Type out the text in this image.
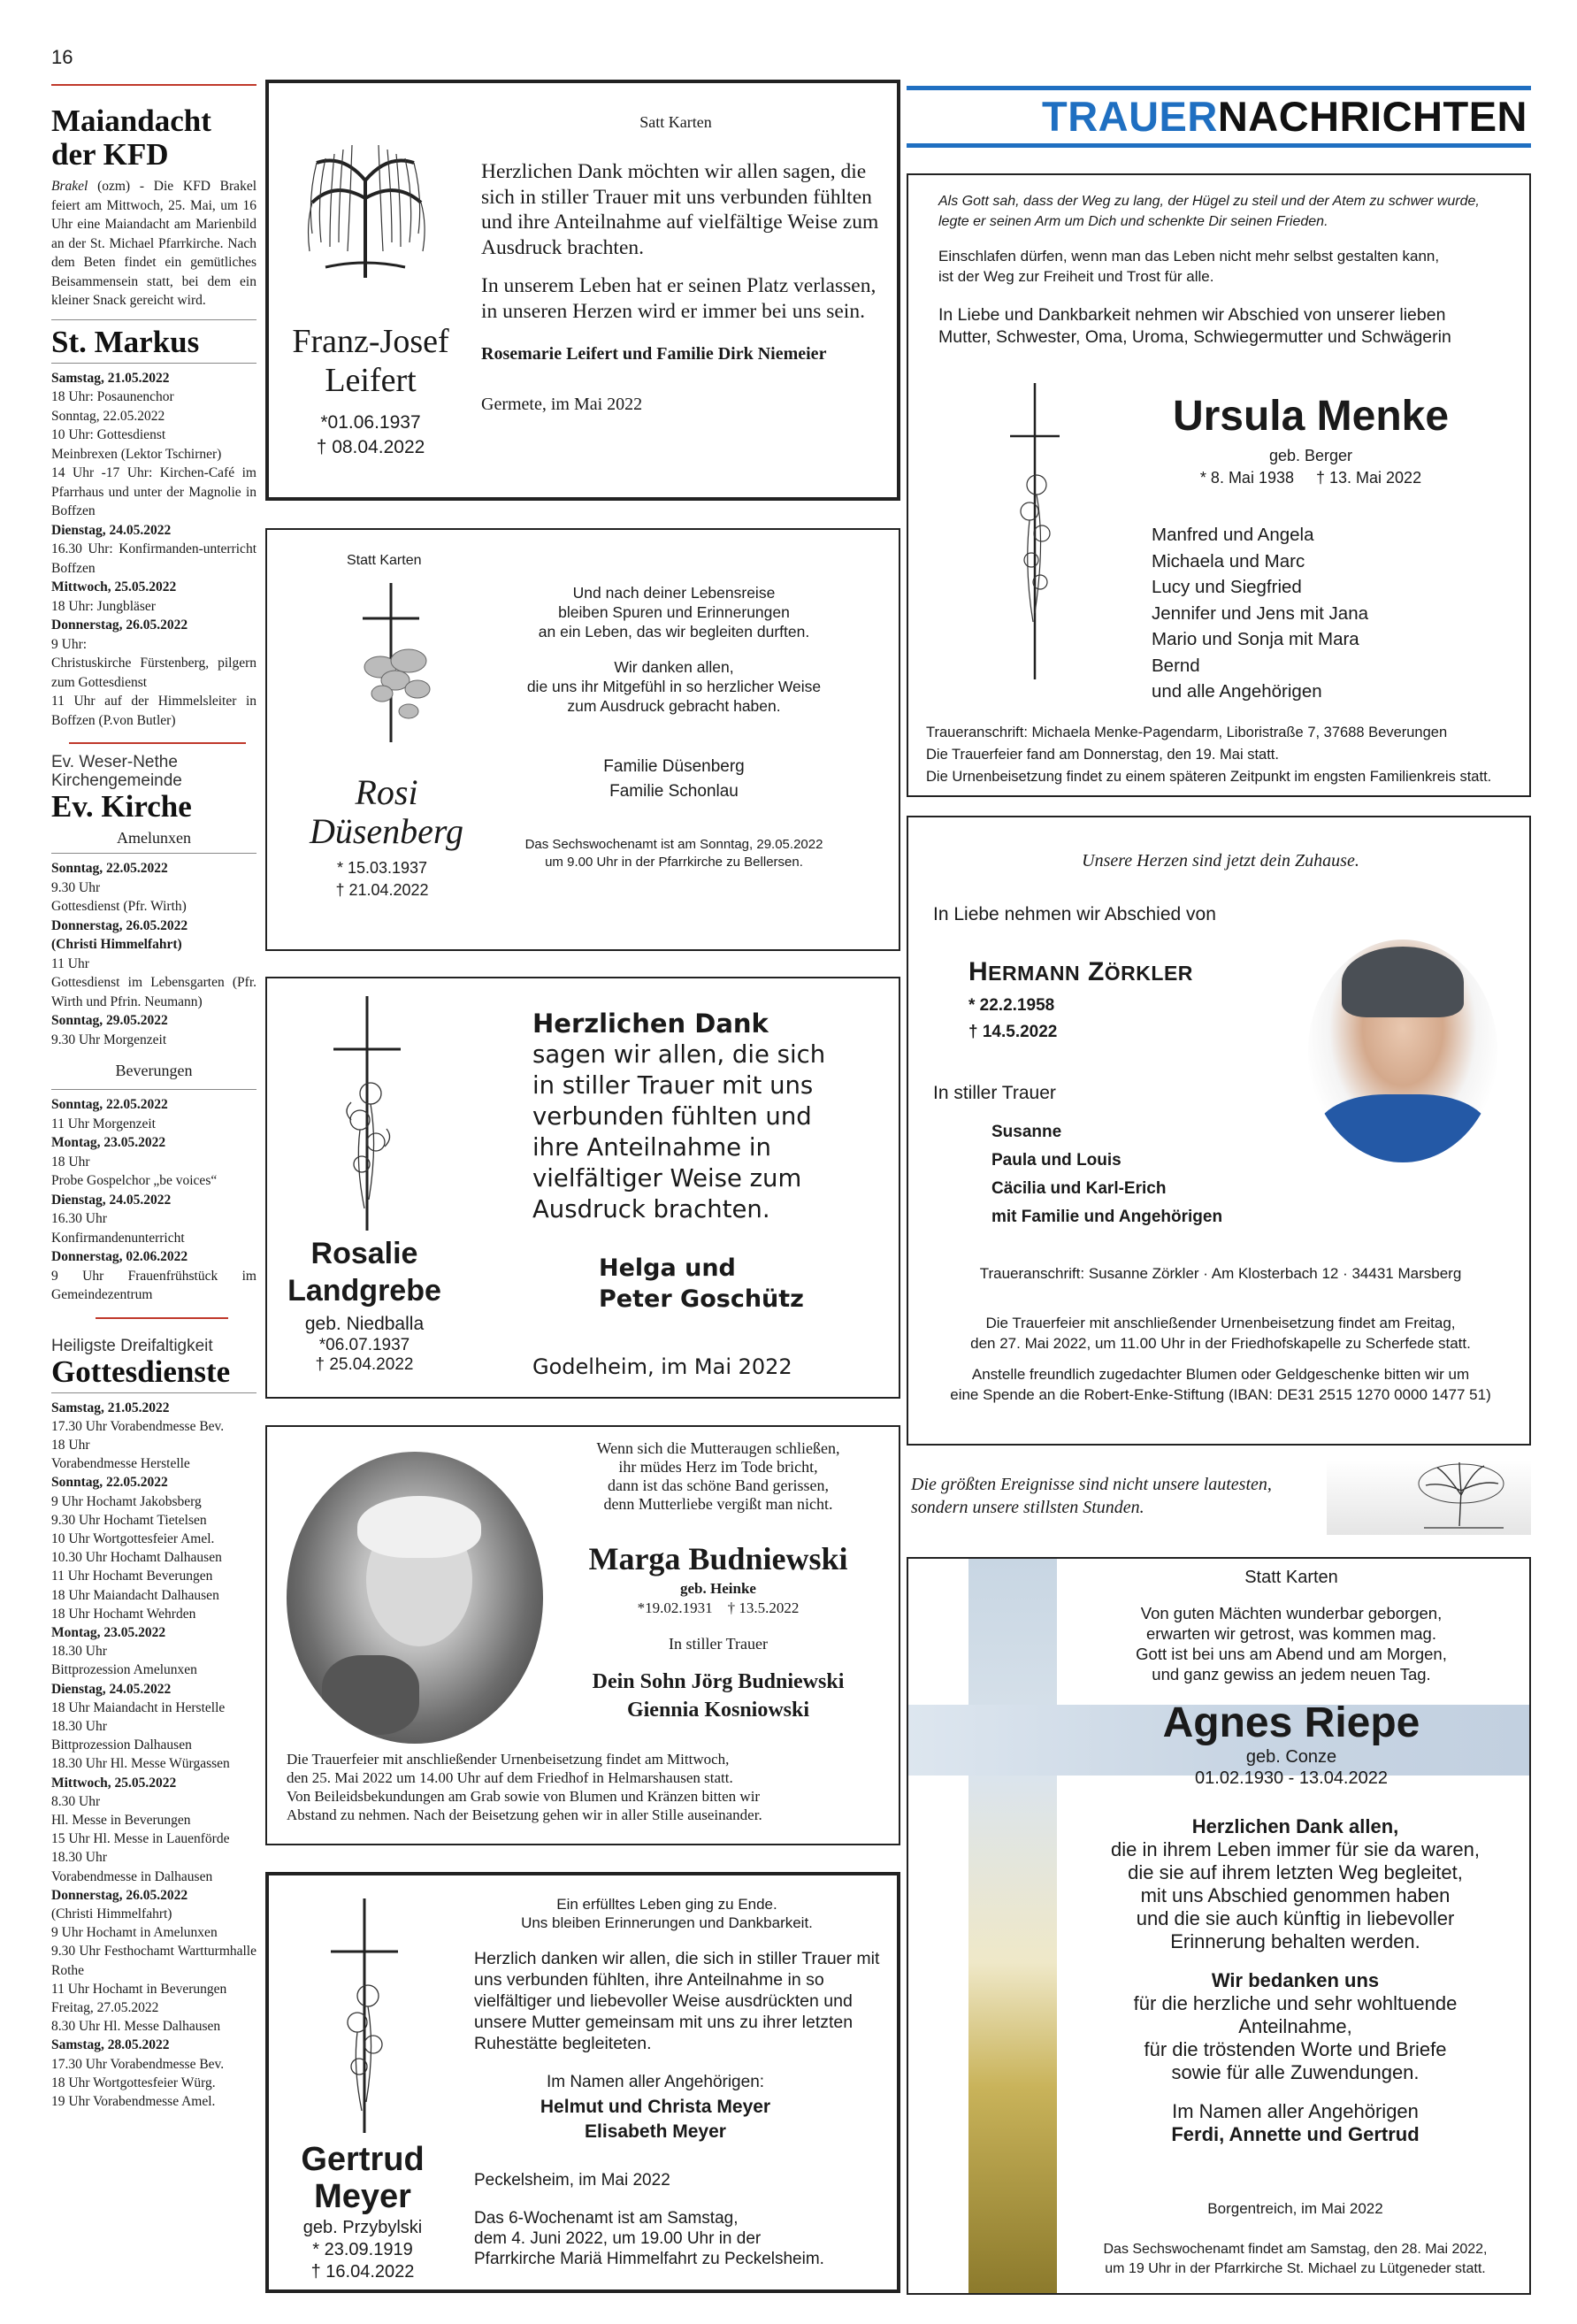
16
Maiandacht der KFD
Brakel (ozm) - Die KFD Brakel feiert am Mittwoch, 25. Mai, um 16 Uhr eine Maiandacht am Marienbild an der St. Michael Pfarrkirche. Nach dem Beten findet ein gemütliches Beisammensein statt, bei dem ein kleiner Snack gereicht wird.
St. Markus
Samstag, 21.05.2022
18 Uhr: Posaunenchor
Sonntag, 22.05.2022
10 Uhr: Gottesdienst
Meinbrexen (Lektor Tschirner)
14 Uhr -17 Uhr: Kirchen-Café im Pfarrhaus und unter der Magnolie in Boffzen
Dienstag, 24.05.2022
16.30 Uhr: Konfirmanden-unterricht Boffzen
Mittwoch, 25.05.2022
18 Uhr: Jungbläser
Donnerstag, 26.05.2022
9 Uhr:
Christuskirche Fürstenberg, pilgern zum Gottesdienst
11 Uhr auf der Himmelsleiter in Boffzen (P.von Butler)
Ev. Weser-Nethe Kirchengemeinde
Ev. Kirche
Amelunxen
Sonntag, 22.05.2022
9.30 Uhr
Gottesdienst (Pfr. Wirth)
Donnerstag, 26.05.2022
(Christi Himmelfahrt)
11 Uhr
Gottesdienst im Lebensgarten (Pfr. Wirth und Pfrin. Neumann)
Sonntag, 29.05.2022
9.30 Uhr Morgenzeit
Beverungen
Sonntag, 22.05.2022
11 Uhr Morgenzeit
Montag, 23.05.2022
18 Uhr
Probe Gospelchor „be voices“
Dienstag, 24.05.2022
16.30 Uhr
Konfirmandenunterricht
Donnerstag, 02.06.2022
9 Uhr Frauenfrühstück im Gemeindezentrum
Heiligste Dreifaltigkeit
Gottesdienste
Samstag, 21.05.2022
17.30 Uhr Vorabendmesse Bev.
18 Uhr
Vorabendmesse Herstelle
Sonntag, 22.05.2022
9 Uhr Hochamt Jakobsberg
9.30 Uhr Hochamt Tietelsen
10 Uhr Wortgottesfeier Amel.
10.30 Uhr Hochamt Dalhausen
11 Uhr Hochamt Beverungen
18 Uhr Maiandacht Dalhausen
18 Uhr Hochamt Wehrden
Montag, 23.05.2022
18.30 Uhr
Bittprozession Amelunxen
Dienstag, 24.05.2022
18 Uhr Maiandacht in Herstelle
18.30 Uhr
Bittprozession Dalhausen
18.30 Uhr Hl. Messe Würgassen
Mittwoch, 25.05.2022
8.30 Uhr
Hl. Messe in Beverungen
15 Uhr Hl. Messe in Lauenförde
18.30 Uhr
Vorabendmesse in Dalhausen
Donnerstag, 26.05.2022
(Christi Himmelfahrt)
9 Uhr Hochamt in Amelunxen
9.30 Uhr Festhochamt Wartturmhalle Rothe
11 Uhr Hochamt in Beverungen
Freitag, 27.05.2022
8.30 Uhr Hl. Messe Dalhausen
Samstag, 28.05.2022
17.30 Uhr Vorabendmesse Bev.
18 Uhr Wortgottesfeier Würg.
19 Uhr Vorabendmesse Amel.
TRAUERNACHRICHTEN
Franz-Josef
Leifert
*01.06.1937
† 08.04.2022
Satt Karten
Herzlichen Dank möchten wir allen sagen, die sich in stiller Trauer mit uns verbunden fühlten und ihre Anteilnahme auf vielfältige Weise zum Ausdruck brachten.
In unserem Leben hat er seinen Platz verlassen, in unseren Herzen wird er immer bei uns sein.
Rosemarie Leifert und Familie Dirk Niemeier
Germete, im Mai 2022
Statt Karten
Rosi
Düsenberg
* 15.03.1937
† 21.04.2022
Und nach deiner Lebensreise
bleiben Spuren und Erinnerungen
an ein Leben, das wir begleiten durften.
Wir danken allen,
die uns ihr Mitgefühl in so herzlicher Weise
zum Ausdruck gebracht haben.
Familie Düsenberg
Familie Schonlau
Das Sechswochenamt ist am Sonntag, 29.05.2022
um 9.00 Uhr in der Pfarrkirche zu Bellersen.
Rosalie
Landgrebe
geb. Niedballa
*06.07.1937
† 25.04.2022
Herzlichen Dank
sagen wir allen, die sich
in stiller Trauer mit uns
verbunden fühlten und
ihre Anteilnahme in
vielfältiger Weise zum
Ausdruck brachten.
Helga und
Peter Goschütz
Godelheim, im Mai 2022
Wenn sich die Mutteraugen schließen,
ihr müdes Herz im Tode bricht,
dann ist das schöne Band gerissen,
denn Mutterliebe vergißt man nicht.
Marga Budniewski
geb. Heinke
*19.02.1931    † 13.5.2022
In stiller Trauer
Dein Sohn Jörg Budniewski
Giennia Kosniowski
Die Trauerfeier mit anschließender Urnenbeisetzung findet am Mittwoch,
den 25. Mai 2022 um 14.00 Uhr auf dem Friedhof in Helmarshausen statt.
Von Beileidsbekundungen am Grab sowie von Blumen und Kränzen bitten wir
Abstand zu nehmen. Nach der Beisetzung gehen wir in aller Stille auseinander.
Gertrud
Meyer
geb. Przybylski
* 23.09.1919
† 16.04.2022
Ein erfülltes Leben ging zu Ende.
Uns bleiben Erinnerungen und Dankbarkeit.
Herzlich danken wir allen, die sich in stiller Trauer mit uns verbunden fühlten, ihre Anteilnahme in so vielfältiger und liebevoller Weise ausdrückten und unsere Mutter gemeinsam mit uns zu ihrer letzten Ruhestätte begleiteten.
Im Namen aller Angehörigen:
Helmut und Christa Meyer
Elisabeth Meyer
Peckelsheim, im Mai 2022
Das 6-Wochenamt ist am Samstag,
dem 4. Juni 2022, um 19.00 Uhr in der
Pfarrkirche Mariä Himmelfahrt zu Peckelsheim.
Als Gott sah, dass der Weg zu lang, der Hügel zu steil und der Atem zu schwer wurde,
legte er seinen Arm um Dich und schenkte Dir seinen Frieden.
Einschlafen dürfen, wenn man das Leben nicht mehr selbst gestalten kann,
ist der Weg zur Freiheit und Trost für alle.
In Liebe und Dankbarkeit nehmen wir Abschied von unserer lieben
Mutter, Schwester, Oma, Uroma, Schwiegermutter und Schwägerin
Ursula Menke
geb. Berger
* 8. Mai 1938     † 13. Mai 2022
Manfred und Angela
Michaela und Marc
Lucy und Siegfried
Jennifer und Jens mit Jana
Mario und Sonja mit Mara
Bernd
und alle Angehörigen
Traueranschrift: Michaela Menke-Pagendarm, Liboristraße 7, 37688 Beverungen
Die Trauerfeier fand am Donnerstag, den 19. Mai statt.
Die Urnenbeisetzung findet zu einem späteren Zeitpunkt im engsten Familienkreis statt.
Unsere Herzen sind jetzt dein Zuhause.
In Liebe nehmen wir Abschied von
HERMANN ZÖRKLER
* 22.2.1958
† 14.5.2022
In stiller Trauer
Susanne
Paula und Louis
Cäcilia und Karl-Erich
mit Familie und Angehörigen
Traueranschrift: Susanne Zörkler · Am Klosterbach 12 · 34431 Marsberg
Die Trauerfeier mit anschließender Urnenbeisetzung findet am Freitag,
den 27. Mai 2022, um 11.00 Uhr in der Friedhofskapelle zu Scherfede statt.
Anstelle freundlich zugedachter Blumen oder Geldgeschenke bitten wir um
eine Spende an die Robert-Enke-Stiftung (IBAN: DE31 2515 1270 0000 1477 51)
Die größten Ereignisse sind nicht unsere lautesten,
sondern unsere stillsten Stunden.
Statt Karten
Von guten Mächten wunderbar geborgen,
erwarten wir getrost, was kommen mag.
Gott ist bei uns am Abend und am Morgen,
und ganz gewiss an jedem neuen Tag.
Agnes Riepe
geb. Conze
01.02.1930 - 13.04.2022
Herzlichen Dank allen,
die in ihrem Leben immer für sie da waren,
die sie auf ihrem letzten Weg begleitet,
mit uns Abschied genommen haben
und die sie auch künftig in liebevoller
Erinnerung behalten werden.
Wir bedanken uns
für die herzliche und sehr wohltuende
Anteilnahme,
für die tröstenden Worte und Briefe
sowie für alle Zuwendungen.
Im Namen aller Angehörigen
Ferdi, Annette und Gertrud
Borgentreich, im Mai 2022
Das Sechswochenamt findet am Samstag, den 28. Mai 2022,
um 19 Uhr in der Pfarrkirche St. Michael zu Lütgeneder statt.
